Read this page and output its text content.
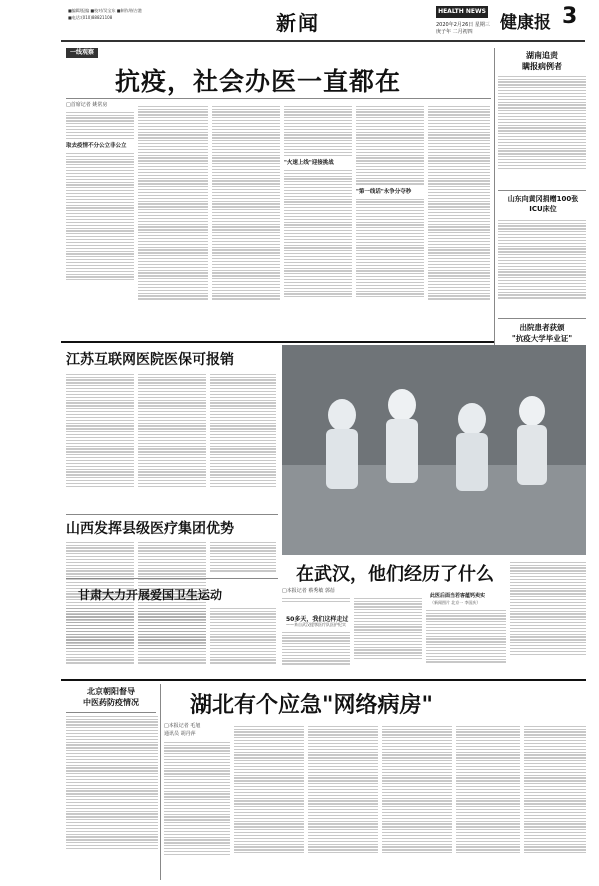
■编辑/报编 ■校对/吴宝东 ■制作/崔吉港
■电话:(010)88821108	新闻	HEALTH NEWS
2020年2月26日 星期三
庚子年 二月初四 健康报 3
一线观察
抗疫，社会办医一直都在
□首席记者 姚常房
取去疫情不分公立非公立
"火速上线"迎接挑战
"第一线话"永争分夺秒
湖南追责
瞒报病例者
山东向黄冈捐赠100张ICU床位
出院患者获颁
"抗疫大学毕业证"
江苏互联网医院医保可报销
山西发挥县级医疗集团优势
甘肃大力开展爱国卫生运动
在武汉，他们经历了什么
□本报记者 蔡秀敏 郭蓓
50多天，我们这样走过
——来自武汉援鄂医疗队医护纪实
此医后面当若客蕴钙卖实
（新闻图片 北京一 李国庆）
北京朝阳督导
中医药防疫情况	湖北有个应急"网络病房"
□本报记者 毛旭
通讯员 胡丹萍
